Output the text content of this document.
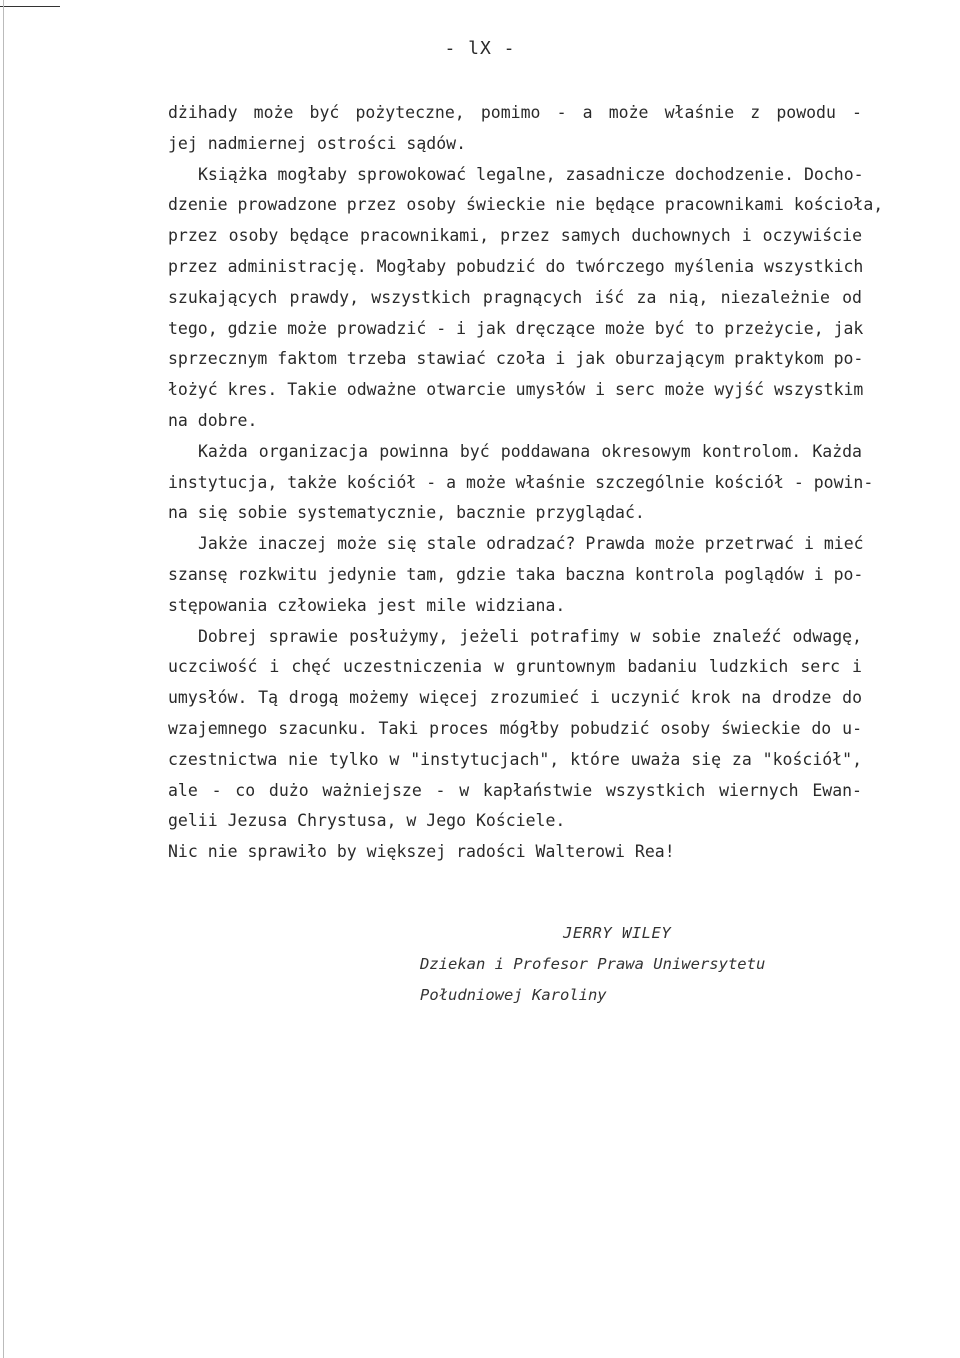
- lX -

dżihady może być pożyteczne, pomimo - a może właśnie z powodu -
jej nadmiernej ostrości sądów.

Książka mogłaby sprowokować legalne, zasadnicze dochodzenie. Docho-
dzenie prowadzone przez osoby świeckie nie będące pracownikami kościoła,
przez osoby będące pracownikami, przez samych duchownych i oczywiście
przez administrację. Mogłaby pobudzić do twórczego myślenia wszystkich
szukających prawdy, wszystkich pragnących iść za nią, niezależnie od
tego, gdzie może prowadzić - i jak dręczące może być to przeżycie, jak
sprzecznym faktom trzeba stawiać czoła i jak oburzającym praktykom po-
łożyć kres. Takie odważne otwarcie umysłów i serc może wyjść wszystkim
na dobre.

Każda organizacja powinna być poddawana okresowym kontrolom. Każda
instytucja, także kościół - a może właśnie szczególnie kościół - powin-
na się sobie systematycznie, bacznie przyglądać.

Jakże inaczej może się stale odradzać? Prawda może przetrwać i mieć
szansę rozkwitu jedynie tam, gdzie taka baczna kontrola poglądów i po-
stępowania człowieka jest mile widziana.

Dobrej sprawie posłużymy, jeżeli potrafimy w sobie znaleźć odwagę,
uczciwość i chęć uczestniczenia w gruntownym badaniu ludzkich serc i
umysłów. Tą drogą możemy więcej zrozumieć i uczynić krok na drodze do
wzajemnego szacunku. Taki proces mógłby pobudzić osoby świeckie do u-
czestnictwa nie tylko w "instytucjach", które uważa się za "kościół",
ale - co dużo ważniejsze - w kapłaństwie wszystkich wiernych Ewan-
gelii Jezusa Chrystusa, w Jego Kościele.

Nic nie sprawiło by większej radości Walterowi Rea!

JERRY WILEY
Dziekan i Profesor Prawa Uniwersytetu
Południowej Karoliny
